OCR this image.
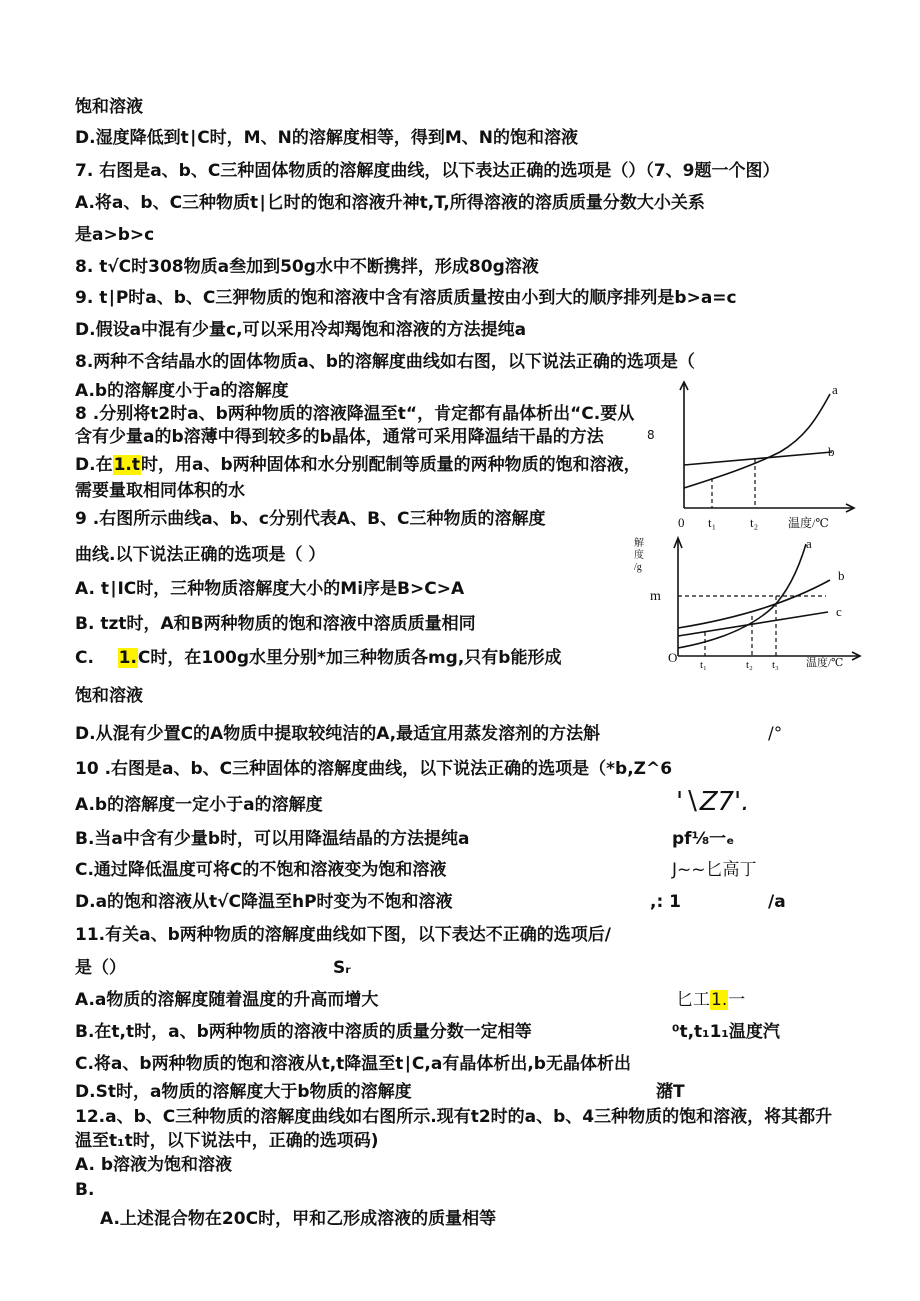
饱和溶液
D.湿度降低到t∣C时，M、N的溶解度相等，得到M、N的饱和溶液
7. 右图是a、b、C三种固体物质的溶解度曲线，以下表达正确的选项是（）（7、9题一个图）
A.将a、b、C三种物质t∣匕时的饱和溶液升神t,T,所得溶液的溶质质量分数大小关系
是a>b>c
8. t√C时308物质a叁加到50g水中不断携拌，形成80g溶液
9. t∣P时a、b、C三狎物质的饱和溶液中含有溶质质量按由小到大的顺序排列是b>a=c
D.假设a中混有少量c,可以采用冷却羯饱和溶液的方法提纯a
8.两种不含结晶水的固体物质a、b的溶解度曲线如右图，以下说法正确的选项是（
A.b的溶解度小于a的溶解度
8 .分别将t2时a、b两种物质的溶液降温至t“，肯定都有晶体析出“C.要从
含有少量a的b溶薄中得到较多的b晶体，通常可采用降温结干晶的方法
D.在1.t时，用a、b两种固体和水分别配制等质量的两种物质的饱和溶液，
需要量取相同体积的水
9 .右图所示曲线a、b、c分别代表A、B、C三种物质的溶解度
曲线.以下说法正确的选项是（ ）
A. t∣IC时，三种物质溶解度大小的Mi序是B>C>A
B. tzt时，A和B两种物质的饱和溶液中溶质质量相同
C. 1.C时，在100g水里分别*加三种物质各mg,只有b能形成
饱和溶液
D.从混有少置C的A物质中提取较纯洁的A,最适宜用蒸发溶剂的方法斛
10 .右图是a、b、C三种固体的溶解度曲线，以下说法正确的选项是（*b,Z^6
A.b的溶解度一定小于a的溶解度
B.当a中含有少量b时，可以用降温结晶的方法提纯a
C.通过降低温度可将C的不饱和溶液变为饱和溶液
D.a的饱和溶液从t√C降温至hP时变为不饱和溶液
11.有关a、b两种物质的溶解度曲线如下图，以下表达不正确的选项后/
是（）
A.a物质的溶解度随着温度的升高而增大
B.在t,t时，a、b两种物质的溶液中溶质的质量分数一定相等
C.将a、b两种物质的饱和溶液从t,t降温至t∣C,a有晶体析出,b无晶体析出
D.St时，a物质的溶解度大于b物质的溶解度
12.a、b、C三种物质的溶解度曲线如右图所示.现有t2时的a、b、4三种物质的饱和溶液，将其都升
温至t₁t时，以下说法中，正确的选项码)
A. b溶液为饱和溶液
B.
A.上述混合物在20C时，甲和乙形成溶液的质量相等
8
/°
'∖Z7'.
pf⅛一ₑ
J~~匕高丁
,: 1	/a
Sᵣ
匕工1.一
⁰t,t₁1₁温度汽
潴T
a
b
0 t₁	t₂ 温度/℃
解
度
/g
a
b
c
m
O t₁	t₂ t₃ 温度/℃
